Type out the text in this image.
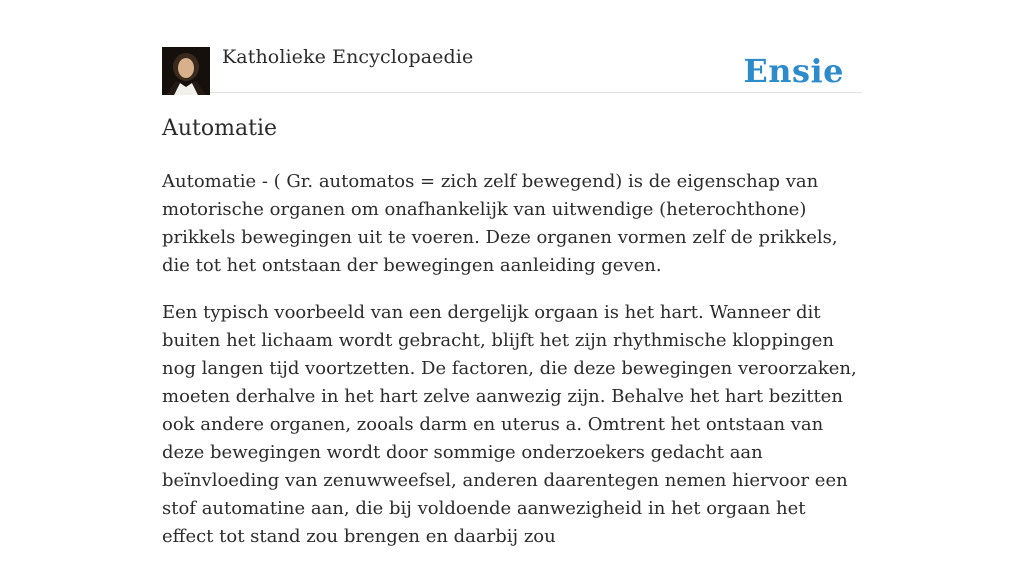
Katholieke Encyclopaedie	Ensie
Automatie

Automatie - ( Gr. automatos = zich zelf bewegend) is de eigenschap van motorische organen om onafhankelijk van uitwendige (heterochthone) prikkels bewegingen uit te voeren. Deze organen vormen zelf de prikkels, die tot het ontstaan der bewegingen aanleiding geven.

Een typisch voorbeeld van een dergelijk orgaan is het hart. Wanneer dit buiten het lichaam wordt gebracht, blijft het zijn rhythmische kloppingen nog langen tijd voortzetten. De factoren, die deze bewegingen veroorzaken, moeten derhalve in het hart zelve aanwezig zijn. Behalve het hart bezitten ook andere organen, zooals darm en uterus a. Omtrent het ontstaan van deze bewegingen wordt door sommige onderzoekers gedacht aan beïnvloeding van zenuwweefsel, anderen daarentegen nemen hiervoor een stof automatine aan, die bij voldoende aanwezigheid in het orgaan het effect tot stand zou brengen en daarbij zou
